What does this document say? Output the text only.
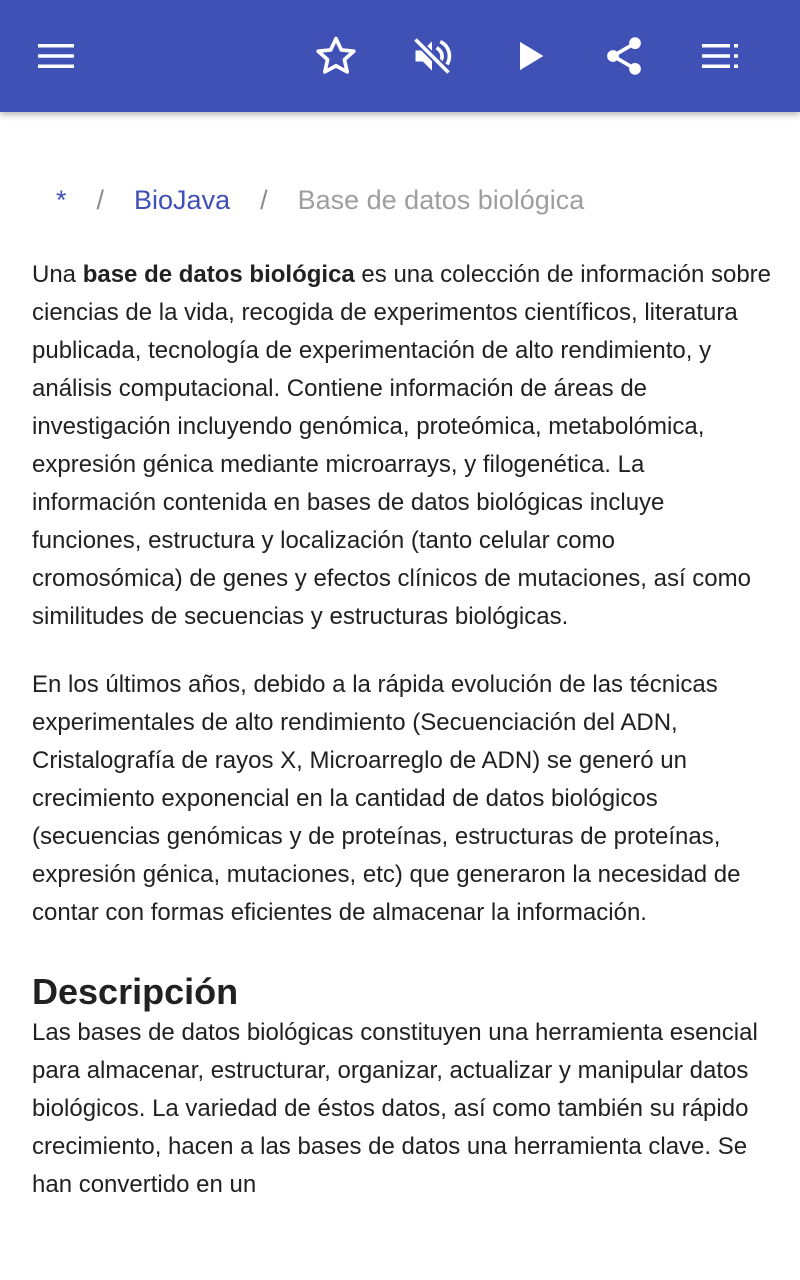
* / BioJava / Base de datos biológica

Una base de datos biológica es una colección de información sobre ciencias de la vida, recogida de experimentos científicos, literatura publicada, tecnología de experimentación de alto rendimiento, y análisis computacional. Contiene información de áreas de investigación incluyendo genómica, proteómica, metabolómica, expresión génica mediante microarrays, y filogenética. La información contenida en bases de datos biológicas incluye funciones, estructura y localización (tanto celular como cromosómica) de genes y efectos clínicos de mutaciones, así como similitudes de secuencias y estructuras biológicas.

En los últimos años, debido a la rápida evolución de las técnicas experimentales de alto rendimiento (Secuenciación del ADN, Cristalografía de rayos X, Microarreglo de ADN) se generó un crecimiento exponencial en la cantidad de datos biológicos (secuencias genómicas y de proteínas, estructuras de proteínas, expresión génica, mutaciones, etc) que generaron la necesidad de contar con formas eficientes de almacenar la información.

Descripción

Las bases de datos biológicas constituyen una herramienta esencial para almacenar, estructurar, organizar, actualizar y manipular datos biológicos. La variedad de éstos datos, así como también su rápido crecimiento, hacen a las bases de datos una herramienta clave. Se han convertido en un
